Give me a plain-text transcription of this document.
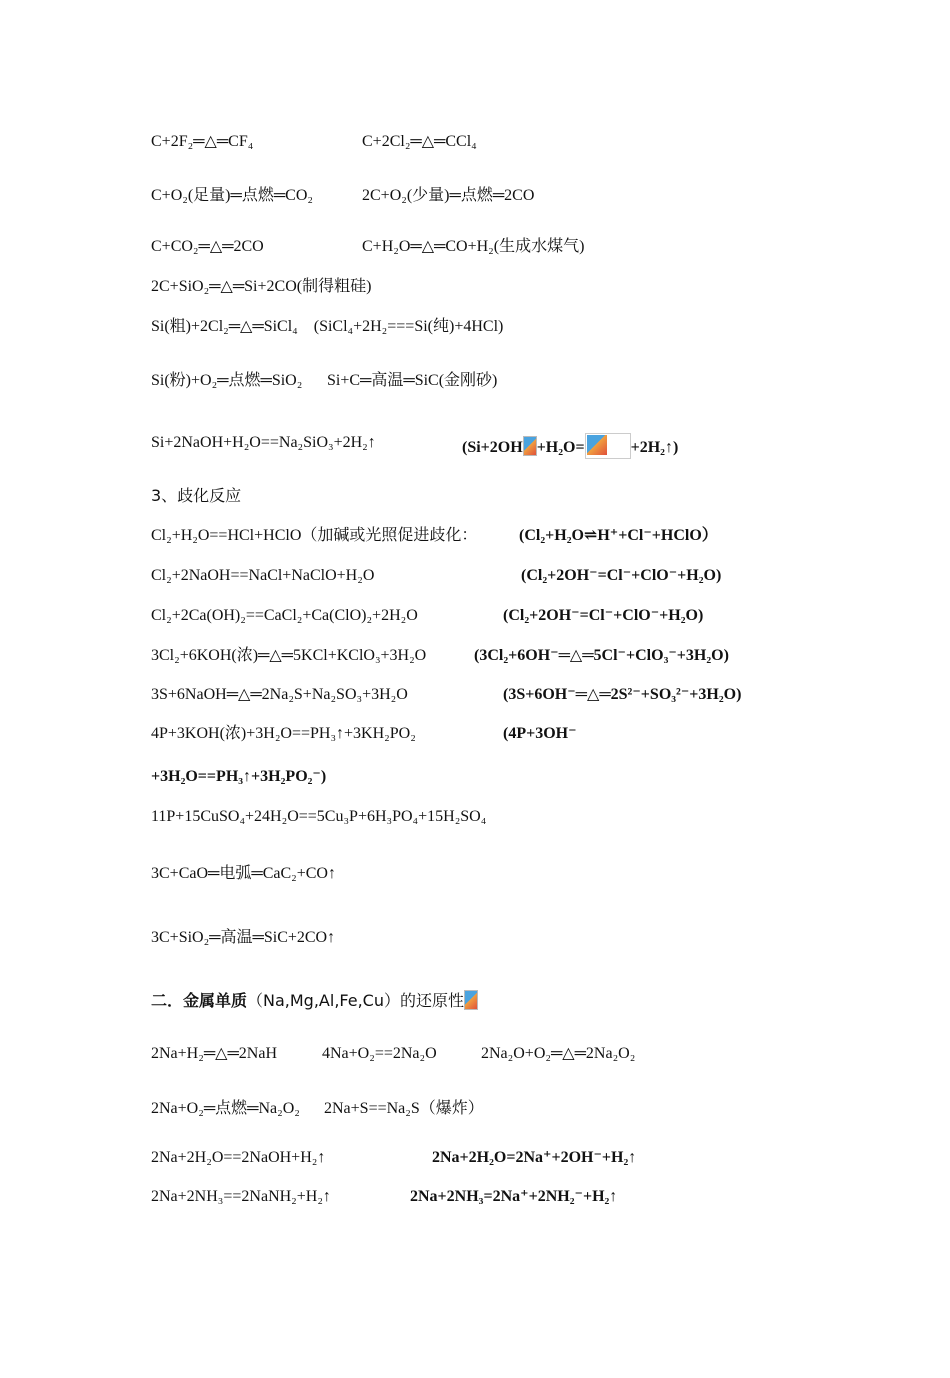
C+2F₂═△═CF₄	C+2Cl₂═△═CCl₄
C+O₂(足量)═点燃═CO₂	2C+O₂(少量)═点燃═2CO
C+CO₂═△═2CO	C+H₂O═△═CO+H₂(生成水煤气)
2C+SiO₂═△═Si+2CO(制得粗硅)
Si(粗)+2Cl₂═△═SiCl₄　(SiCl₄+2H₂===Si(纯)+4HCl)
Si(粉)+O₂═点燃═SiO₂ Si+C═高温═SiC(金刚砂)
Si+2NaOH+H₂O==Na₂SiO₃+2H₂↑	(Si+2OH +H₂O=	+2H₂↑)
3、歧化反应
Cl₂+H₂O==HCl+HClO（加碱或光照促进歧化：	(Cl₂+H₂O⇌H⁺+Cl⁻+HClO）
Cl₂+2NaOH==NaCl+NaClO+H₂O	(Cl₂+2OH⁻=Cl⁻+ClO⁻+H₂O)
Cl₂+2Ca(OH)₂==CaCl₂+Ca(ClO)₂+2H₂O	(Cl₂+2OH⁻=Cl⁻+ClO⁻+H₂O)
3Cl₂+6KOH(浓)═△═5KCl+KClO₃+3H₂O	(3Cl₂+6OH⁻═△═5Cl⁻+ClO₃⁻+3H₂O)
3S+6NaOH═△═2Na₂S+Na₂SO₃+3H₂O	(3S+6OH⁻═△═2S²⁻+SO₃²⁻+3H₂O)
4P+3KOH(浓)+3H₂O==PH₃↑+3KH₂PO₂	(4P+3OH⁻
+3H₂O==PH₃↑+3H₂PO₂⁻)
11P+15CuSO₄+24H₂O==5Cu₃P+6H₃PO₄+15H₂SO₄
3C+CaO═电弧═CaC₂+CO↑
3C+SiO₂═高温═SiC+2CO↑
二．金属单质（Na,Mg,Al,Fe,Cu）的还原性
2Na+H₂═△═2NaH	4Na+O₂==2Na₂O	2Na₂O+O₂═△═2Na₂O₂
2Na+O₂═点燃═Na₂O₂ 2Na+S==Na₂S（爆炸）
2Na+2H₂O==2NaOH+H₂↑	2Na+2H₂O=2Na⁺+2OH⁻+H₂↑
2Na+2NH₃==2NaNH₂+H₂↑	2Na+2NH₃=2Na⁺+2NH₂⁻+H₂↑
